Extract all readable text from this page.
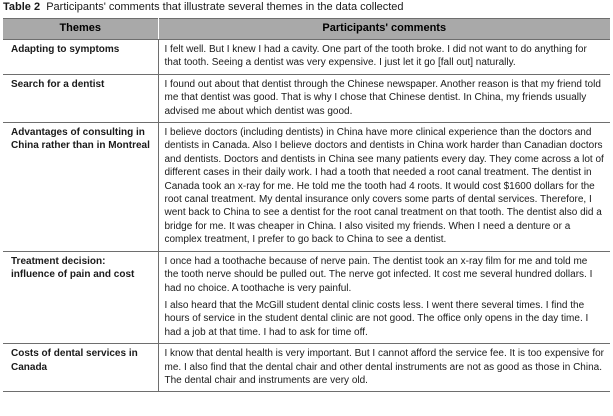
Table 2 Participants' comments that illustrate several themes in the data collected
Themes	Participants' comments
Adapting to symptoms	I felt well. But I knew I had a cavity. One part of the tooth broke. I did not want to do anything for that tooth. Seeing a dentist was very expensive. I just let it go [fall out] naturally.

Search for a dentist	I found out about that dentist through the Chinese newspaper. Another reason is that my friend told me that dentist was good. That is why I chose that Chinese dentist. In China, my friends usually advised me about which dentist was good.

Advantages of consulting in China rather than in Montreal	I believe doctors (including dentists) in China have more clinical experience than the doctors and dentists in Canada. Also I believe doctors and dentists in China work harder than Canadian doctors and dentists. Doctors and dentists in China see many patients every day. They come across a lot of different cases in their daily work. I had a tooth that needed a root canal treatment. The dentist in Canada took an x-ray for me. He told me the tooth had 4 roots. It would cost $1600 dollars for the root canal treatment. My dental insurance only covers some parts of dental services. Therefore, I went back to China to see a dentist for the root canal treatment on that tooth. The dentist also did a bridge for me. It was cheaper in China. I also visited my friends. When I need a denture or a complex treatment, I prefer to go back to China to see a dentist.

Treatment decision: influence of pain and cost	I once had a toothache because of nerve pain. The dentist took an x-ray film for me and told me the tooth nerve should be pulled out. The nerve got infected. It cost me several hundred dollars. I had no choice. A toothache is very painful.

I also heard that the McGill student dental clinic costs less. I went there several times. I find the hours of service in the student dental clinic are not good. The office only opens in the day time. I had a job at that time. I had to ask for time off.

Costs of dental services in Canada	I know that dental health is very important. But I cannot afford the service fee. It is too expensive for me. I also find that the dental chair and other dental instruments are not as good as those in China. The dental chair and instruments are very old.
